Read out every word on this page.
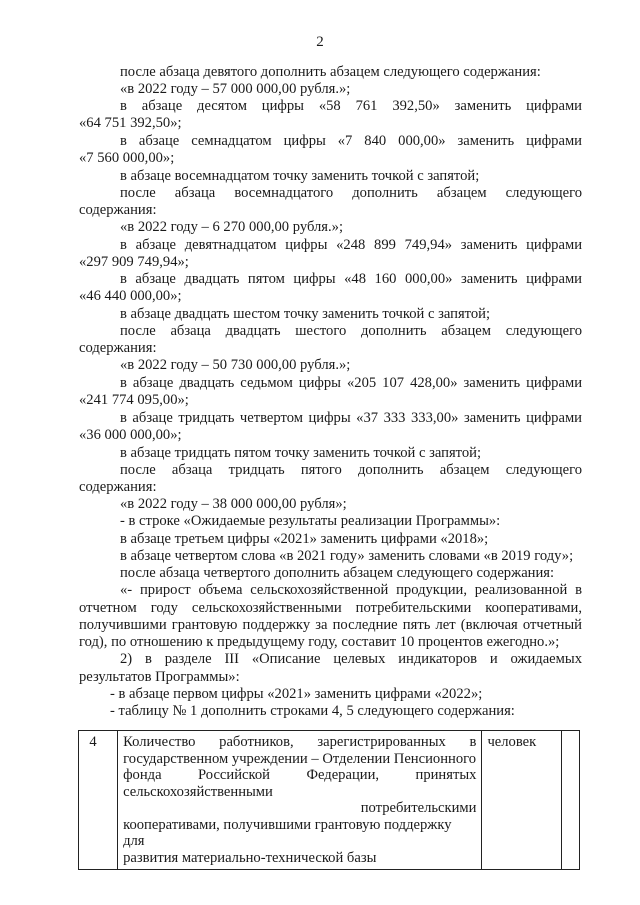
2
после абзаца девятого дополнить абзацем следующего содержания:
«в 2022 году – 57 000 000,00 рубля.»;
в абзаце десятом цифры «58 761 392,50» заменить цифрами
«64 751 392,50»;
в абзаце семнадцатом цифры «7 840 000,00» заменить цифрами
«7 560 000,00»;
в абзаце восемнадцатом точку заменить точкой с запятой;
после абзаца восемнадцатого дополнить абзацем следующего
содержания:
«в 2022 году – 6 270 000,00 рубля.»;
в абзаце девятнадцатом цифры «248 899 749,94» заменить цифрами
«297 909 749,94»;
в абзаце двадцать пятом цифры «48 160 000,00» заменить цифрами
«46 440 000,00»;
в абзаце двадцать шестом точку заменить точкой с запятой;
после абзаца двадцать шестого дополнить абзацем следующего
содержания:
«в 2022 году – 50 730 000,00 рубля.»;
в абзаце двадцать седьмом цифры «205 107 428,00» заменить цифрами
«241 774 095,00»;
в абзаце тридцать четвертом цифры «37 333 333,00» заменить цифрами
«36 000 000,00»;
в абзаце тридцать пятом точку заменить точкой с запятой;
после абзаца тридцать пятого дополнить абзацем следующего
содержания:
«в 2022 году – 38 000 000,00 рубля»;
- в строке «Ожидаемые результаты реализации Программы»:
в абзаце третьем цифры «2021» заменить цифрами «2018»;
в абзаце четвертом слова «в 2021 году» заменить словами «в 2019 году»;
после абзаца четвертого дополнить абзацем следующего содержания:
«- прирост объема сельскохозяйственной продукции, реализованной в
отчетном году сельскохозяйственными потребительскими кооперативами,
получившими грантовую поддержку за последние пять лет (включая отчетный
год), по отношению к предыдущему году, составит 10 процентов ежегодно.»;
2) в разделе III «Описание целевых индикаторов и ожидаемых
результатов Программы»:
- в абзаце первом цифры «2021» заменить цифрами «2022»;
- таблицу № 1 дополнить строками 4, 5 следующего содержания:
4	Количество работников, зарегистрированных в
государственном учреждении – Отделении Пенсионного
фонда Российской Федерации, принятых
сельскохозяйственными
потребительскими
кооперативами, получившими грантовую поддержку для
развития материально-технической базы
	человек	
